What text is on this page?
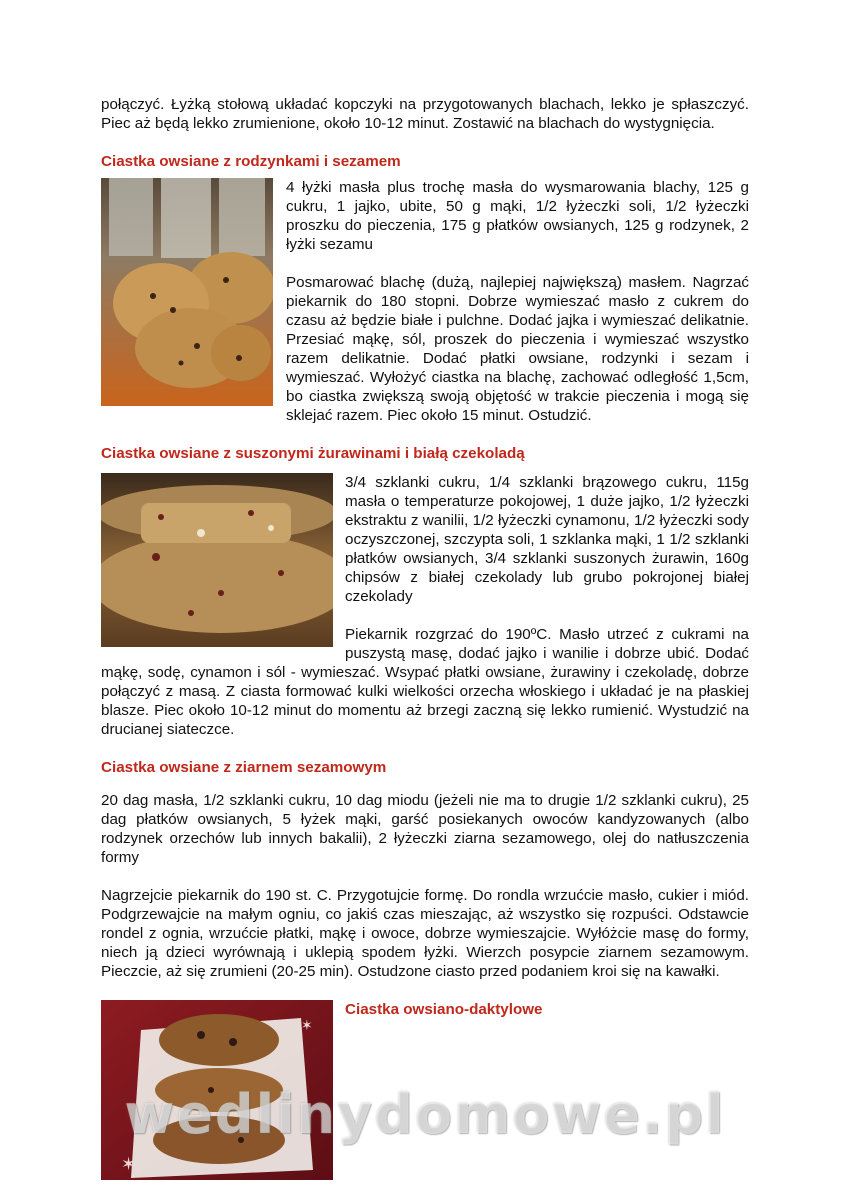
połączyć. Łyżką stołową układać kopczyki na przygotowanych blachach, lekko je spłaszczyć. Piec aż będą lekko zrumienione, około 10-12 minut. Zostawić na blachach do wystygnięcia.

Ciastka owsiane z rodzynkami i sezamem

4 łyżki masła plus trochę masła do wysmarowania blachy, 125 g cukru, 1 jajko, ubite, 50 g mąki, 1/2 łyżeczki soli, 1/2 łyżeczki proszku do pieczenia, 175 g płatków owsianych, 125 g rodzynek, 2 łyżki sezamu

Posmarować blachę (dużą, najlepiej największą) masłem. Nagrzać piekarnik do 180 stopni. Dobrze wymieszać masło z cukrem do czasu aż będzie białe i pulchne. Dodać jajka i wymieszać delikatnie. Przesiać mąkę, sól, proszek do pieczenia i wymieszać wszystko razem delikatnie. Dodać płatki owsiane, rodzynki i sezam i wymieszać. Wyłożyć ciastka na blachę, zachować odległość 1,5cm, bo ciastka zwiększą swoją objętość w trakcie pieczenia i mogą się sklejać razem. Piec około 15 minut. Ostudzić.

Ciastka owsiane z suszonymi żurawinami i białą czekoladą

3/4 szklanki cukru, 1/4 szklanki brązowego cukru, 115g masła o temperaturze pokojowej, 1 duże jajko, 1/2 łyżeczki ekstraktu z wanilii, 1/2 łyżeczki cynamonu, 1/2 łyżeczki sody oczyszczonej, szczypta soli, 1 szklanka mąki, 1 1/2 szklanki płatków owsianych, 3/4 szklanki suszonych żurawin, 160g chipsów z białej czekolady lub grubo pokrojonej białej czekolady

Piekarnik rozgrzać do 190ºC. Masło utrzeć z cukrami na puszystą masę, dodać jajko i wanilie i dobrze ubić. Dodać mąkę, sodę, cynamon i sól - wymieszać. Wsypać płatki owsiane, żurawiny i czekoladę, dobrze połączyć z masą. Z ciasta formować kulki wielkości orzecha włoskiego i układać je na płaskiej blasze. Piec około 10-12 minut do momentu aż brzegi zaczną się lekko rumienić. Wystudzić na drucianej siateczce.

Ciastka owsiane z ziarnem sezamowym

20 dag masła, 1/2 szklanki cukru, 10 dag miodu (jeżeli nie ma to drugie 1/2 szklanki cukru), 25 dag płatków owsianych, 5 łyżek mąki, garść posiekanych owoców kandyzowanych (albo rodzynek orzechów lub innych bakalii), 2 łyżeczki ziarna sezamowego, olej do natłuszczenia formy

Nagrzejcie piekarnik do 190 st. C. Przygotujcie formę. Do rondla wrzućcie masło, cukier i miód. Podgrzewajcie na małym ogniu, co jakiś czas mieszając, aż wszystko się rozpuści. Odstawcie rondel z ognia, wrzućcie płatki, mąkę i owoce, dobrze wymieszajcie. Wyłóżcie masę do formy, niech ją dzieci wyrównają i uklepią spodem łyżki. Wierzch posypcie ziarnem sezamowym. Pieczcie, aż się zrumieni (20-25 min). Ostudzone ciasto przed podaniem kroi się na kawałki.

✶
✶
Ciastka owsiano-daktylowe
wedlinydomowe.pl
